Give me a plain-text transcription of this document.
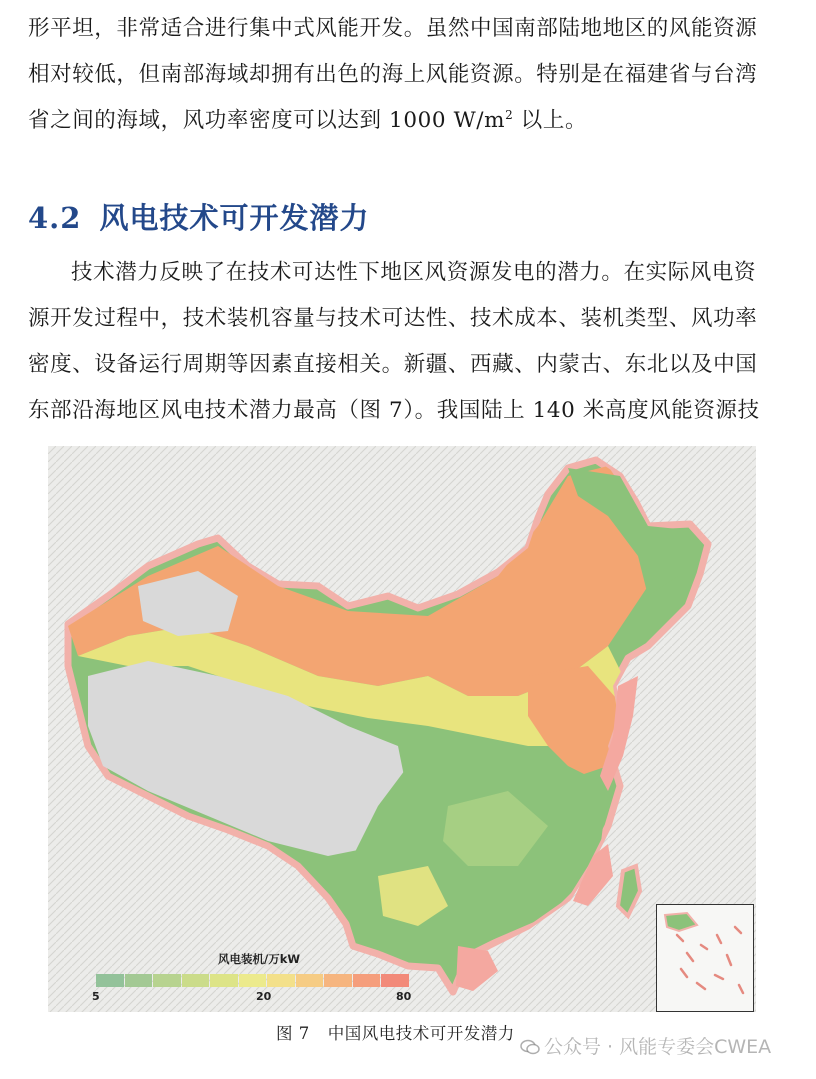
形平坦，非常适合进行集中式风能开发。虽然中国南部陆地地区的风能资源
相对较低，但南部海域却拥有出色的海上风能资源。特别是在福建省与台湾
省之间的海域，风功率密度可以达到 1000 $W/m^2$ 以上。
4.2 风电技术可开发潜力
技术潜力反映了在技术可达性下地区风资源发电的潜力。在实际风电资
源开发过程中，技术装机容量与技术可达性、技术成本、装机类型、风功率
密度、设备运行周期等因素直接相关。新疆、西藏、内蒙古、东北以及中国
东部沿海地区风电技术潜力最高（图 7）。我国陆上 140 米高度风能资源技
风电装机/万kW
5	20	80
图 7 中国风电技术可开发潜力
公众号 · 风能专委会CWEA
